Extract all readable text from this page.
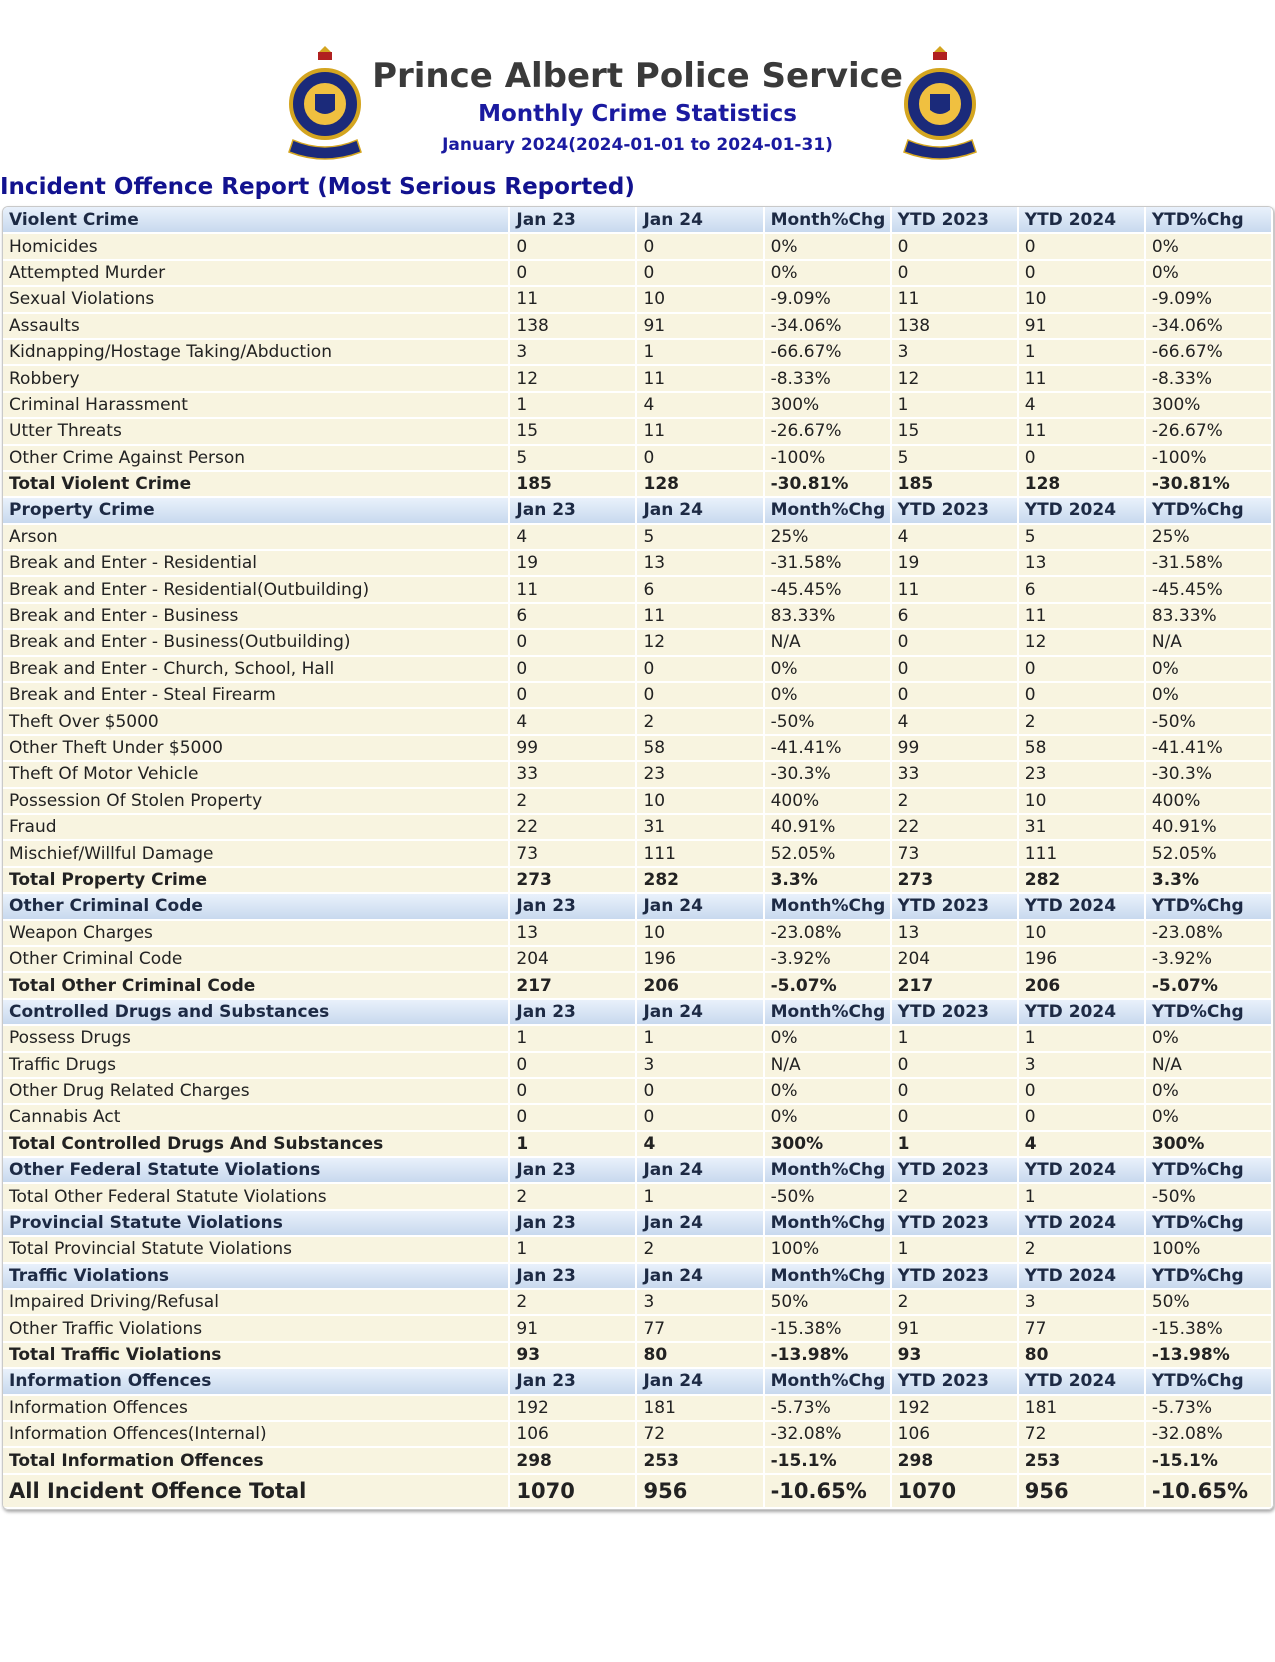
Prince Albert Police Service
Monthly Crime Statistics
January 2024(2024-01-01 to 2024-01-31)
Incident Offence Report (Most Serious Reported)
Violent Crime	Jan 23	Jan 24	Month%Chg	YTD 2023	YTD 2024	YTD%Chg
Homicides	0	0	0%	0	0	0%
Attempted Murder	0	0	0%	0	0	0%
Sexual Violations	11	10	-9.09%	11	10	-9.09%
Assaults	138	91	-34.06%	138	91	-34.06%
Kidnapping/Hostage Taking/Abduction	3	1	-66.67%	3	1	-66.67%
Robbery	12	11	-8.33%	12	11	-8.33%
Criminal Harassment	1	4	300%	1	4	300%
Utter Threats	15	11	-26.67%	15	11	-26.67%
Other Crime Against Person	5	0	-100%	5	0	-100%
Total Violent Crime	185	128	-30.81%	185	128	-30.81%
Property Crime	Jan 23	Jan 24	Month%Chg	YTD 2023	YTD 2024	YTD%Chg
Arson	4	5	25%	4	5	25%
Break and Enter - Residential	19	13	-31.58%	19	13	-31.58%
Break and Enter - Residential(Outbuilding)	11	6	-45.45%	11	6	-45.45%
Break and Enter - Business	6	11	83.33%	6	11	83.33%
Break and Enter - Business(Outbuilding)	0	12	N/A	0	12	N/A
Break and Enter - Church, School, Hall	0	0	0%	0	0	0%
Break and Enter - Steal Firearm	0	0	0%	0	0	0%
Theft Over $5000	4	2	-50%	4	2	-50%
Other Theft Under $5000	99	58	-41.41%	99	58	-41.41%
Theft Of Motor Vehicle	33	23	-30.3%	33	23	-30.3%
Possession Of Stolen Property	2	10	400%	2	10	400%
Fraud	22	31	40.91%	22	31	40.91%
Mischief/Willful Damage	73	111	52.05%	73	111	52.05%
Total Property Crime	273	282	3.3%	273	282	3.3%
Other Criminal Code	Jan 23	Jan 24	Month%Chg	YTD 2023	YTD 2024	YTD%Chg
Weapon Charges	13	10	-23.08%	13	10	-23.08%
Other Criminal Code	204	196	-3.92%	204	196	-3.92%
Total Other Criminal Code	217	206	-5.07%	217	206	-5.07%
Controlled Drugs and Substances	Jan 23	Jan 24	Month%Chg	YTD 2023	YTD 2024	YTD%Chg
Possess Drugs	1	1	0%	1	1	0%
Traffic Drugs	0	3	N/A	0	3	N/A
Other Drug Related Charges	0	0	0%	0	0	0%
Cannabis Act	0	0	0%	0	0	0%
Total Controlled Drugs And Substances	1	4	300%	1	4	300%
Other Federal Statute Violations	Jan 23	Jan 24	Month%Chg	YTD 2023	YTD 2024	YTD%Chg
Total Other Federal Statute Violations	2	1	-50%	2	1	-50%
Provincial Statute Violations	Jan 23	Jan 24	Month%Chg	YTD 2023	YTD 2024	YTD%Chg
Total Provincial Statute Violations	1	2	100%	1	2	100%
Traffic Violations	Jan 23	Jan 24	Month%Chg	YTD 2023	YTD 2024	YTD%Chg
Impaired Driving/Refusal	2	3	50%	2	3	50%
Other Traffic Violations	91	77	-15.38%	91	77	-15.38%
Total Traffic Violations	93	80	-13.98%	93	80	-13.98%
Information Offences	Jan 23	Jan 24	Month%Chg	YTD 2023	YTD 2024	YTD%Chg
Information Offences	192	181	-5.73%	192	181	-5.73%
Information Offences(Internal)	106	72	-32.08%	106	72	-32.08%
Total Information Offences	298	253	-15.1%	298	253	-15.1%
All Incident Offence Total	1070	956	-10.65%	1070	956	-10.65%
